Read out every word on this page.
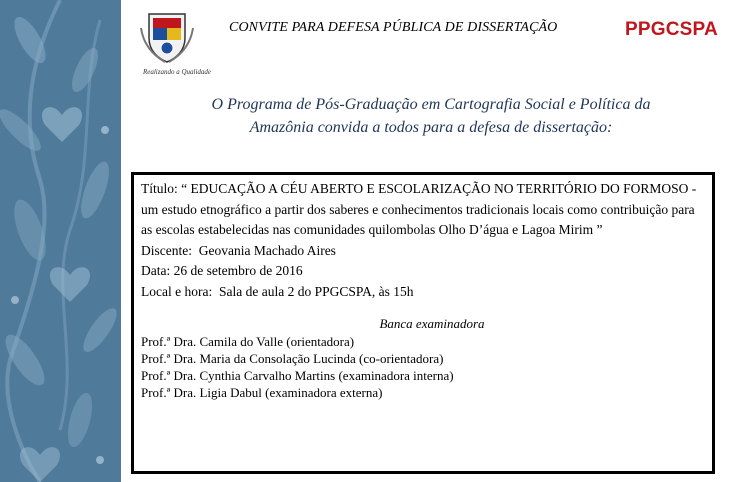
Realizando a Qualidade
CONVITE PARA DEFESA PÚBLICA DE DISSERTAÇÃO	PPGCSPA
O Programa de Pós-Graduação em Cartografia Social e Política da
Amazônia convida a todos para a defesa de dissertação:

Título: “ EDUCAÇÃO A CÉU ABERTO E ESCOLARIZAÇÃO NO TERRITÓRIO DO FORMOSO - um estudo etnográfico a partir dos saberes e conhecimentos tradicionais locais como contribuição para as escolas estabelecidas nas comunidades quilombolas Olho D’água e Lagoa Mirim ”

Discente: Geovania Machado Aires

Data: 26 de setembro de 2016

Local e hora: Sala de aula 2 do PPGCSPA, às 15h

Banca examinadora

Prof.ª Dra. Camila do Valle (orientadora)

Prof.ª Dra. Maria da Consolação Lucinda (co-orientadora)

Prof.ª Dra. Cynthia Carvalho Martins (examinadora interna)

Prof.ª Dra. Ligia Dabul (examinadora externa)
